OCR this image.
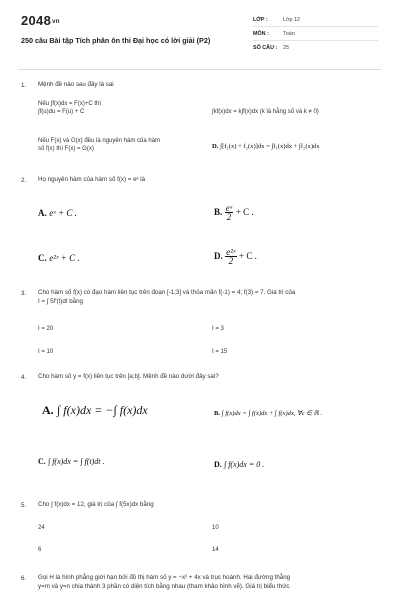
$2048^{vn}$
250 câu Bài tập Tích phân ôn thi Đại học có lời giải (P2)
LỚP :	Lớp 12
MÔN :	Toán
SỐ CÂU : 25
1. Mệnh đề nào sau đây là sai
Nếu ∫f(x)dx = F(x)+C thì
∫f(u)du = F(u) + C	∫kf(x)dx = k∫f(x)dx (k là hằng số và k ≠ 0)
Nếu F(x) và G(x) đều là nguyên hàm của hàm
số f(x) thì F(x) = G(x)	D. ∫[f₁(x) + f₂(x)]dx = ∫f₁(x)dx + ∫f₂(x)dx
2. Họ nguyên hàm của hàm số f(x) = eˣ là
A. eˣ + C .	B. $\frac{\text{eˣ}}{2} + C$ .
C. e²ˣ + C .	D. $\frac{\text{e²ˣ}}{2} + C$ .
3. Cho hàm số f(x) có đạo hàm liên tục trên đoạn [-1;3] và thỏa mãn f(-1) = 4; f(3) = 7. Giá trị của
I = ∫ 5f′(t)dt bằng
I = 20	I = 3
I = 10	I = 15
4. Cho hàm số y = f(x) liên tục trên [a;b]. Mệnh đề nào dưới đây sai?
A. ∫ f(x)dx = −∫ f(x)dx	B. ∫ f(x)dx = ∫ f(x)dx + ∫ f(x)dx, ∀c ∈ ℝ .
C. ∫ f(x)dx = ∫ f(t)dt .	D. ∫ f(x)dx = 0 .
5. Cho ∫ f(x)dx = 12, giá trị của ∫ f(5x)dx bằng
24	10
6	14
6. Gọi H là hình phẳng giới hạn bởi đồ thị hàm số y = −x² + 4x và trục hoành. Hai đường thẳng
y=m và y=n chia thành 3 phần có diện tích bằng nhau (tham khảo hình vẽ). Giá trị biểu thức
